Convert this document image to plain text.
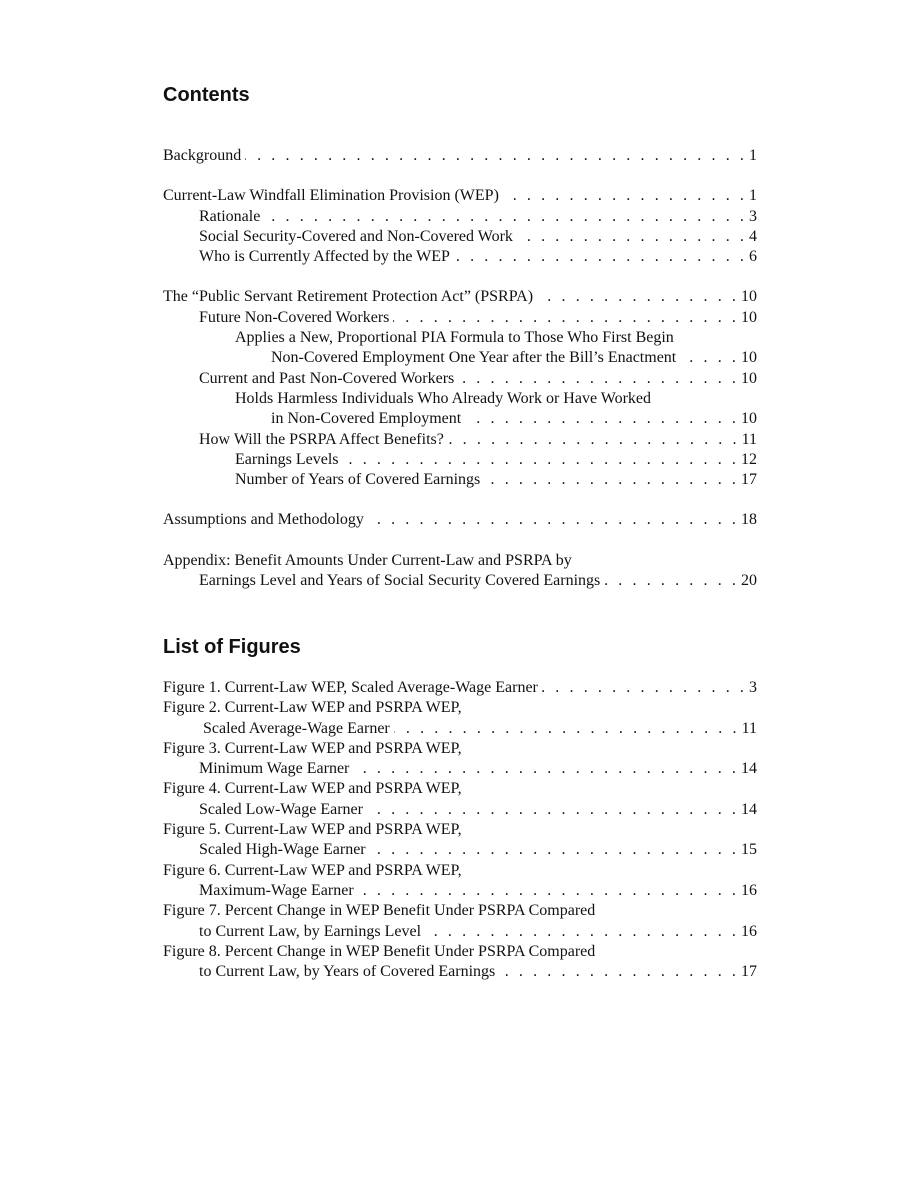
Contents
Background . . .	1
Current-Law Windfall Elimination Provision (WEP) . . .	1
Rationale . . .	3
Social Security-Covered and Non-Covered Work . . .	4
Who is Currently Affected by the WEP . . .	6
The “Public Servant Retirement Protection Act” (PSRPA) . . .	10
Future Non-Covered Workers . . .	10
Applies a New, Proportional PIA Formula to Those Who First Begin
Non-Covered Employment One Year after the Bill’s Enactment . . .	10
Current and Past Non-Covered Workers . . .	10
Holds Harmless Individuals Who Already Work or Have Worked
in Non-Covered Employment . . .	10
How Will the PSRPA Affect Benefits? . . .	11
Earnings Levels . . .	12
Number of Years of Covered Earnings . . .	17
Assumptions and Methodology . . .	18
Appendix: Benefit Amounts Under Current-Law and PSRPA by
Earnings Level and Years of Social Security Covered Earnings . . .	20
List of Figures
Figure 1. Current-Law WEP, Scaled Average-Wage Earner . . .	3
Figure 2. Current-Law WEP and PSRPA WEP,
Scaled Average-Wage Earner . . .	11
Figure 3. Current-Law WEP and PSRPA WEP,
Minimum Wage Earner . . .	14
Figure 4. Current-Law WEP and PSRPA WEP,
Scaled Low-Wage Earner . . .	14
Figure 5. Current-Law WEP and PSRPA WEP,
Scaled High-Wage Earner . . .	15
Figure 6. Current-Law WEP and PSRPA WEP,
Maximum-Wage Earner . . .	16
Figure 7. Percent Change in WEP Benefit Under PSRPA Compared
to Current Law, by Earnings Level . . .	16
Figure 8. Percent Change in WEP Benefit Under PSRPA Compared
to Current Law, by Years of Covered Earnings . . .	17
